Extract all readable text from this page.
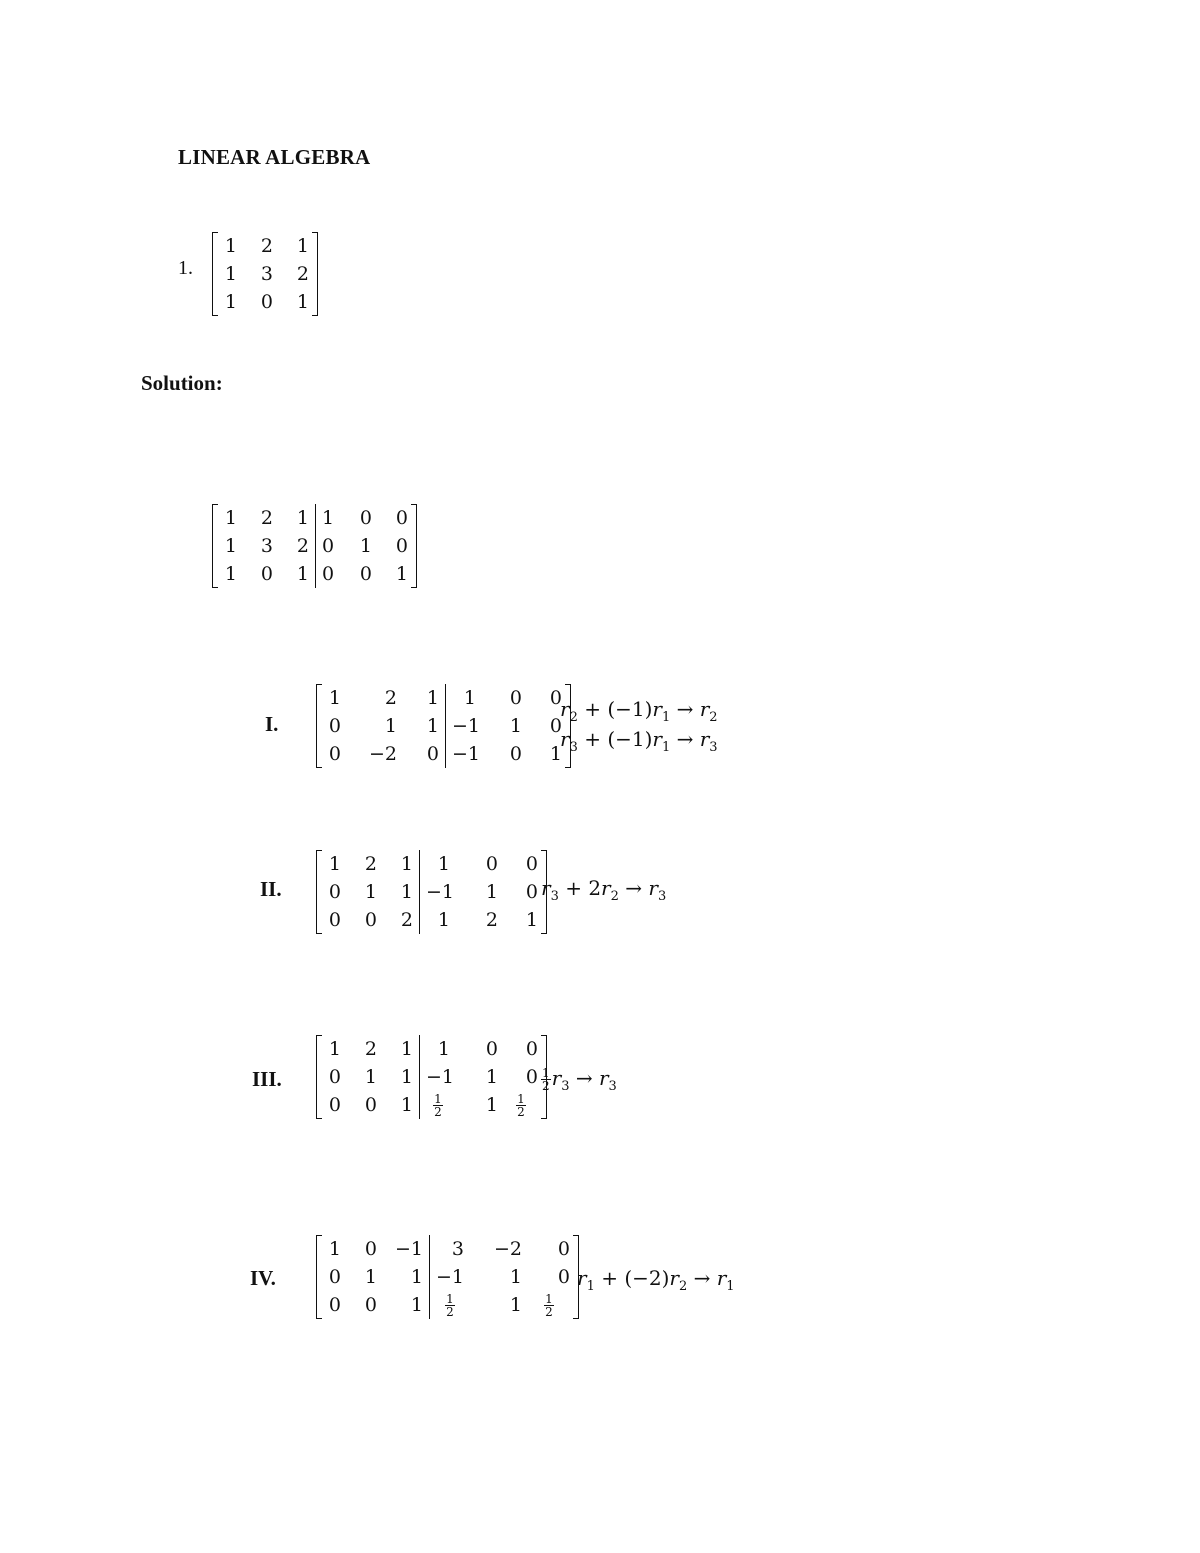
LINEAR ALGEBRA
1.
1
1
1
2
3
0
1
2
1
Solution:
1
1
1
2
3
0
1
2
1
1
0
0
0
1
0
0
0
1
I.
1
0
0
2
1
−2
1
1
0
1
−1
−1
0
1
0
0
0
1
$r_2 + (-1)r_1 \to r_2$
$r_3 + (-1)r_1 \to r_3$
II.
1
0
0
2
1
0
1
1
2
1
−1
1
0
1
2
0
0
1
$r_3 + 2r_2 \to r_3$
III.
1
0
0
2
1
0
1
1
1
1
−1
$\frac{1}{2}$
0
1
1
0
0
$\frac{1}{2}$
$\frac{1}{2} r_3 \to r_3$
IV.
1
0
0
0
1
0
−1
1
1
3
−1
$\frac{1}{2}$
−2
1
1
0
0
$\frac{1}{2}$
$r_1 + (-2)r_2 \to r_1$
